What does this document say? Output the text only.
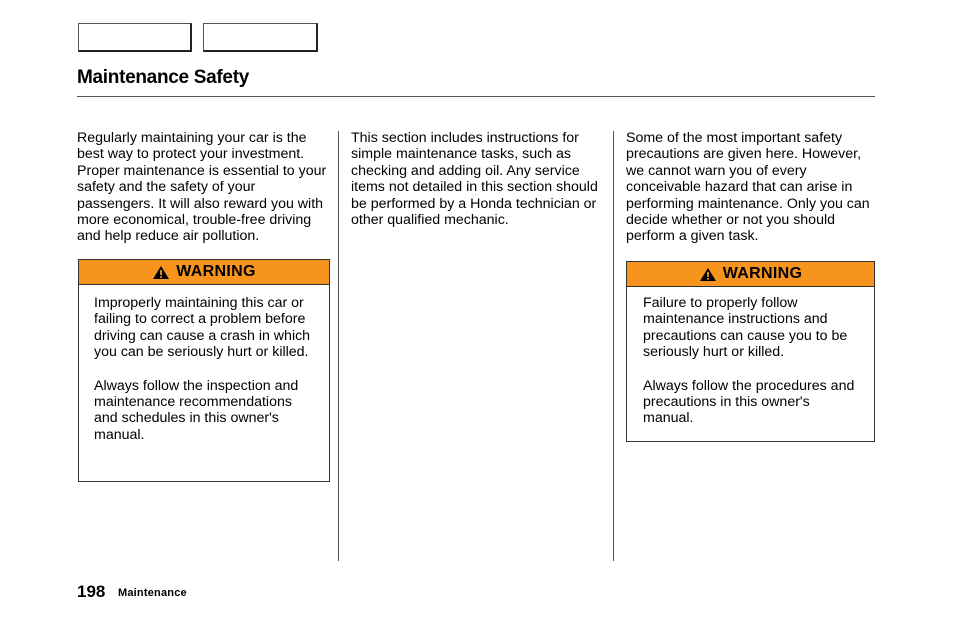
Maintenance Safety
Regularly maintaining your car is the best way to protect your investment. Proper maintenance is essential to your safety and the safety of your passengers. It will also reward you with more economical, trouble-free driving and help reduce air pollution.
WARNING

Improperly maintaining this car or failing to correct a problem before driving can cause a crash in which you can be seriously hurt or killed.

Always follow the inspection and maintenance recommendations and schedules in this owner's manual.

This section includes instructions for simple maintenance tasks, such as checking and adding oil. Any service items not detailed in this section should be performed by a Honda technician or other qualified mechanic.
Some of the most important safety precautions are given here. However, we cannot warn you of every conceivable hazard that can arise in performing maintenance. Only you can decide whether or not you should perform a given task.
WARNING

Failure to properly follow maintenance instructions and precautions can cause you to be seriously hurt or killed.

Always follow the procedures and precautions in this owner's manual.

198 Maintenance
